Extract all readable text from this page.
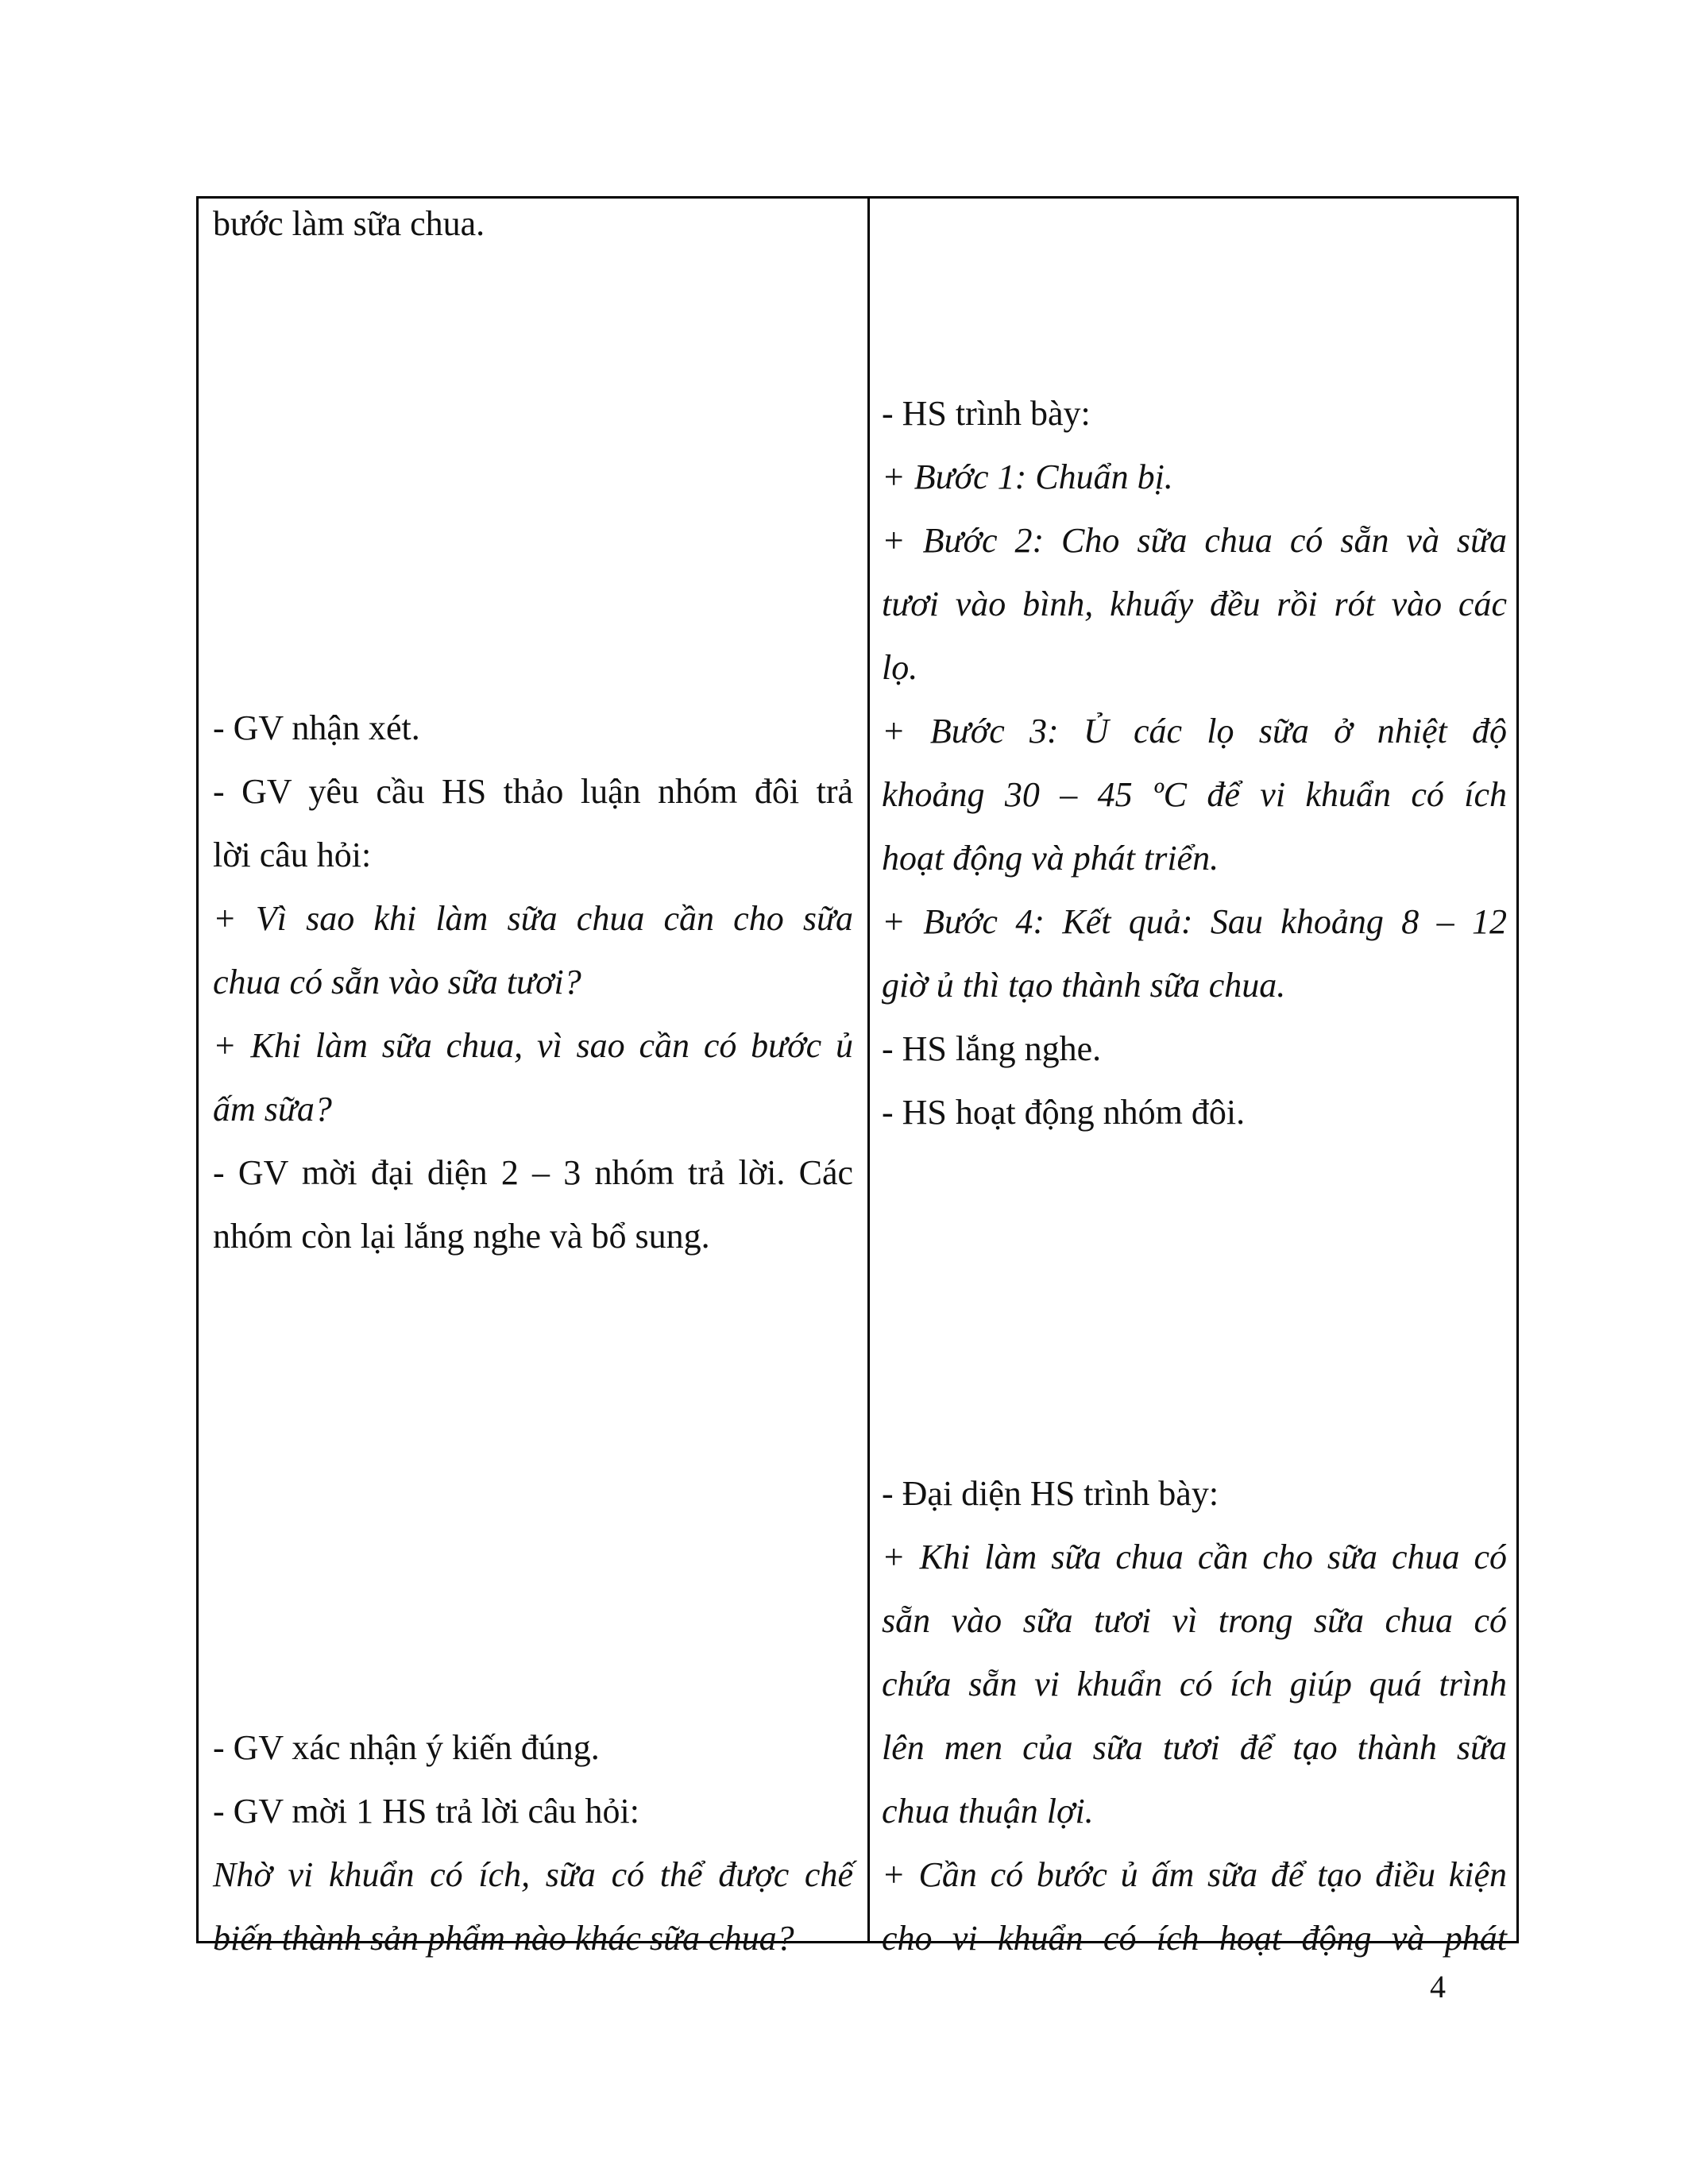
bước làm sữa chua.
- GV nhận xét.
- GV yêu cầu HS thảo luận nhóm đôi trả
lời câu hỏi:
+ Vì sao khi làm sữa chua cần cho sữa
chua có sẵn vào sữa tươi?
+ Khi làm sữa chua, vì sao cần có bước ủ
ấm sữa?
- GV mời đại diện 2 – 3 nhóm trả lời. Các
nhóm còn lại lắng nghe và bổ sung.
- GV xác nhận ý kiến đúng.
- GV mời 1 HS trả lời câu hỏi:
Nhờ vi khuẩn có ích, sữa có thể được chế
biến thành sản phẩm nào khác sữa chua?
- HS trình bày:
+ Bước 1: Chuẩn bị.
+ Bước 2: Cho sữa chua có sẵn và sữa
tươi vào bình, khuấy đều rồi rót vào các
lọ.
+ Bước 3: Ủ các lọ sữa ở nhiệt độ
khoảng 30 – 45 ºC để vi khuẩn có ích
hoạt động và phát triển.
+ Bước 4: Kết quả: Sau khoảng 8 – 12
giờ ủ thì tạo thành sữa chua.
- HS lắng nghe.
- HS hoạt động nhóm đôi.
- Đại diện HS trình bày:
+ Khi làm sữa chua cần cho sữa chua có
sẵn vào sữa tươi vì trong sữa chua có
chứa sẵn vi khuẩn có ích giúp quá trình
lên men của sữa tươi để tạo thành sữa
chua thuận lợi.
+ Cần có bước ủ ấm sữa để tạo điều kiện
cho vi khuẩn có ích hoạt động và phát
4
